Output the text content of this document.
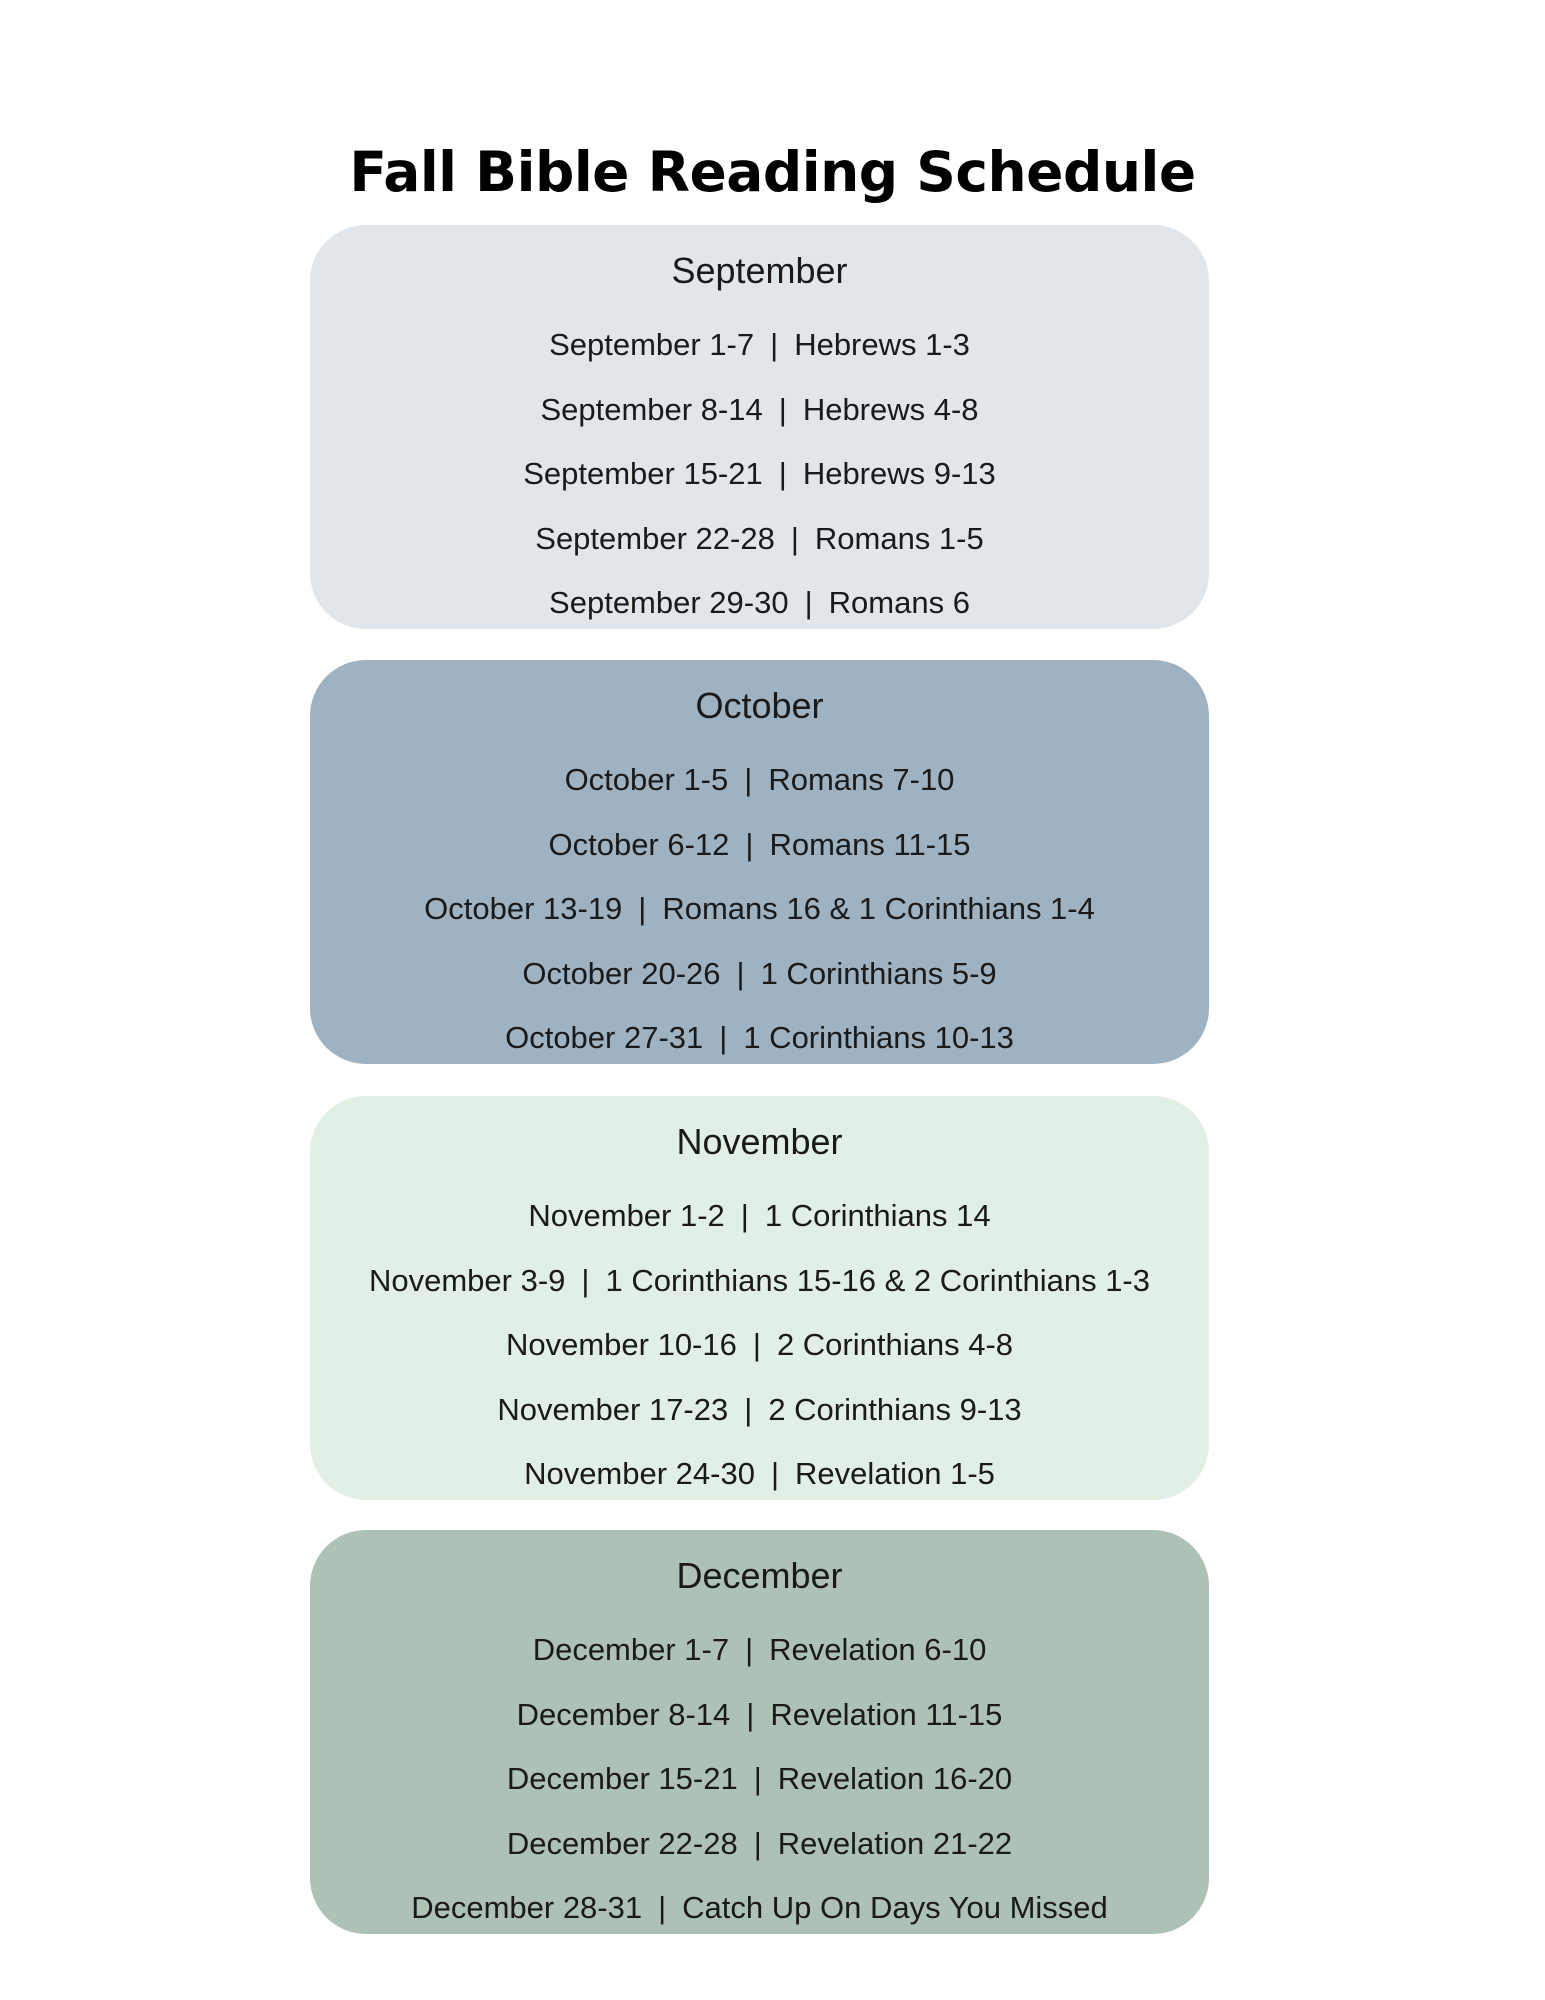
Fall Bible Reading Schedule
September
September 1-7 | Hebrews 1-3
September 8-14 | Hebrews 4-8
September 15-21 | Hebrews 9-13
September 22-28 | Romans 1-5
September 29-30 | Romans 6
October
October 1-5 | Romans 7-10
October 6-12 | Romans 11-15
October 13-19 | Romans 16 & 1 Corinthians 1-4
October 20-26 | 1 Corinthians 5-9
October 27-31 | 1 Corinthians 10-13
November
November 1-2 | 1 Corinthians 14
November 3-9 | 1 Corinthians 15-16 & 2 Corinthians 1-3
November 10-16 | 2 Corinthians 4-8
November 17-23 | 2 Corinthians 9-13
November 24-30 | Revelation 1-5
December
December 1-7 | Revelation 6-10
December 8-14 | Revelation 11-15
December 15-21 | Revelation 16-20
December 22-28 | Revelation 21-22
December 28-31 | Catch Up On Days You Missed
